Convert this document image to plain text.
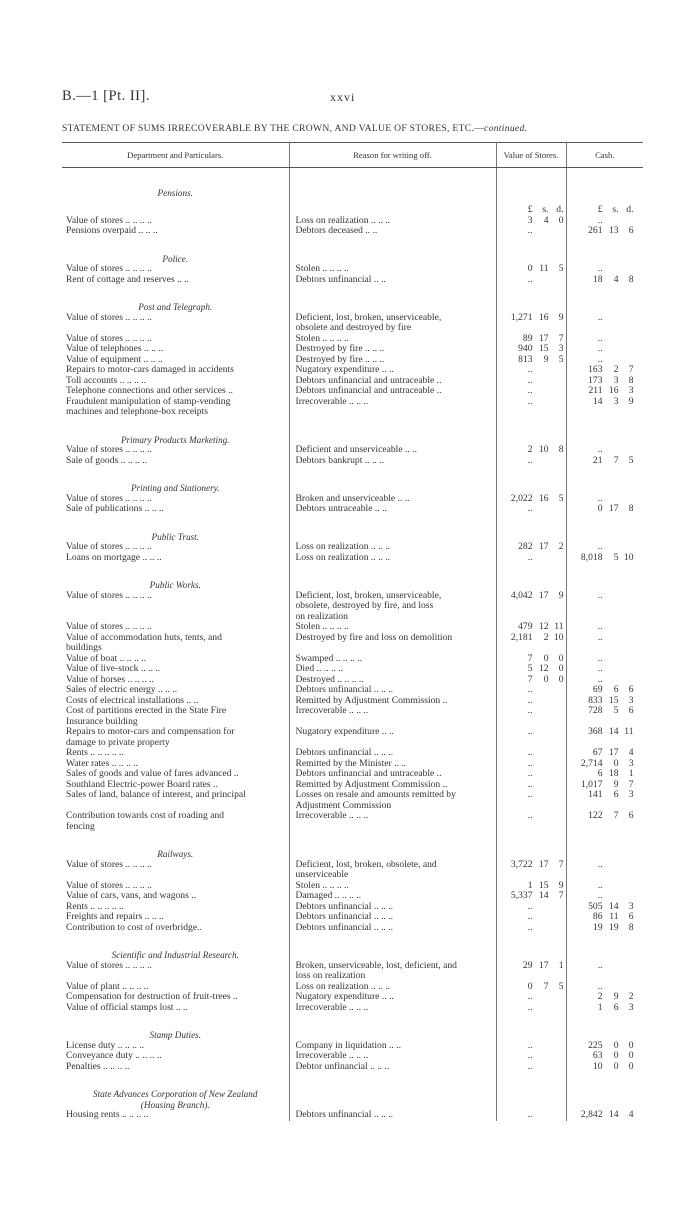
B.—1 [Pt. II].	xxvi
STATEMENT OF SUMS IRRECOVERABLE BY THE CROWN, AND VALUE OF STORES, ETC.—continued.
Department and Particulars.	Reason for writing off.	Value of Stores.	Cash.

Pensions.		£ s. d.	£ s. d.

Value of stores .. .. .. ..	Loss on realization .. .. ..	3 4 0	..

Pensions overpaid .. .. ..	Debtors deceased .. ..	..	261 13 6

Police.			

Value of stores .. .. .. ..	Stolen .. .. .. ..	0 11 5	..

Rent of cottage and reserves .. ..	Debtors unfinancial .. ..	..	18 4 8

Post and Telegraph.			

Value of stores .. .. .. ..	Deficient, lost, broken, unserviceable,
obsolete and destroyed by fire	1,271 16 9	..

Value of stores .. .. .. ..	Stolen .. .. .. ..	89 17 7	..

Value of telephones .. .. ..	Destroyed by fire .. .. ..	940 15 3	..

Value of equipment .. .. ..	Destroyed by fire .. .. ..	813 9 5	..

Repairs to motor-cars damaged in accidents	Nugatory expenditure .. ..	..	163 2 7

Toll accounts .. .. .. ..	Debtors unfinancial and untraceable ..	..	173 3 8

Telephone connections and other services ..	Debtors unfinancial and untraceable ..	..	211 16 3

Fraudulent manipulation of stamp-vending
machines and telephone-box receipts	Irrecoverable .. .. ..	..	14 3 9

Primary Products Marketing.			

Value of stores .. .. .. ..	Deficient and unserviceable .. ..	2 10 8	..

Sale of goods .. .. .. ..	Debtors bankrupt .. .. ..	..	21 7 5

Printing and Stationery.			

Value of stores .. .. .. ..	Broken and unserviceable .. ..	2,022 16 5	..

Sale of publications .. .. ..	Debtors untraceable .. ..	..	0 17 8

Public Trust.			

Value of stores .. .. .. ..	Loss on realization .. .. ..	282 17 2	..

Loans on mortgage .. .. ..	Loss on realization .. .. ..	..	8,018 5 10

Public Works.			

Value of stores .. .. .. ..	Deficient, lost, broken, unserviceable,
obsolete, destroyed by fire, and loss
on realization	4,042 17 9	..

Value of stores .. .. .. ..	Stolen .. .. .. ..	479 12 11	..

Value of accommodation huts, tents, and
buildings	Destroyed by fire and loss on demolition	2,181 2 10	..

Value of boat .. .. .. ..	Swamped .. .. .. ..	7 0 0	..

Value of live-stock .. .. ..	Died .. .. .. ..	5 12 0	..

Value of horses .. .. .. ..	Destroyed .. .. .. ..	7 0 0	..

Sales of electric energy .. .. ..	Debtors unfinancial .. .. ..	..	69 6 6

Costs of electrical installations .. ..	Remitted by Adjustment Commission ..	..	833 15 3

Cost of partitions erected in the State Fire
Insurance building	Irrecoverable .. .. ..	..	728 5 6

Repairs to motor-cars and compensation for
damage to private property	Nugatory expenditure .. ..	..	368 14 11

Rents .. .. .. .. ..	Debtors unfinancial .. .. ..	..	67 17 4

Water rates .. .. .. ..	Remitted by the Minister .. ..	..	2,714 0 3

Sales of goods and value of fares advanced ..	Debtors unfinancial and untraceable ..	..	6 18 1

Southland Electric-power Board rates ..	Remitted by Adjustment Commission ..	..	1,017 9 7

Sales of land, balance of interest, and principal	Losses on resale and amounts remitted by
Adjustment Commission	..	141 6 3

Contribution towards cost of roading and
fencing	Irrecoverable .. .. ..	..	122 7 6

Railways.			

Value of stores .. .. .. ..	Deficient, lost, broken, obsolete, and
unserviceable	3,722 17 7	..

Value of stores .. .. .. ..	Stolen .. .. .. ..	1 15 9	..

Value of cars, vans, and wagons ..	Damaged .. .. .. ..	5,337 14 7	..

Rents .. .. .. .. ..	Debtors unfinancial .. .. ..	..	505 14 3

Freights and repairs .. .. ..	Debtors unfinancial .. .. ..	..	86 11 6

Contribution to cost of overbridge..	Debtors unfinancial .. .. ..	..	19 19 8

Scientific and Industrial Research.			

Value of stores .. .. .. ..	Broken, unserviceable, lost, deficient, and
loss on realization	29 17 1	..

Value of plant .. .. .. ..	Loss on realization .. .. ..	0 7 5	..

Compensation for destruction of fruit-trees ..	Nugatory expenditure .. ..	..	2 9 2

Value of official stamps lost .. ..	Irrecoverable .. .. ..	..	1 6 3

Stamp Duties.			

License duty .. .. .. ..	Company in liquidation .. ..	..	225 0 0

Conveyance duty .. .. .. ..	Irrecoverable .. .. ..	..	63 0 0

Penalties .. .. .. ..	Debtor unfinancial .. .. ..	..	10 0 0

State Advances Corporation of New Zealand
(Housing Branch).			

Housing rents .. .. .. ..	Debtors unfinancial .. .. ..	..	2,842 14 4
